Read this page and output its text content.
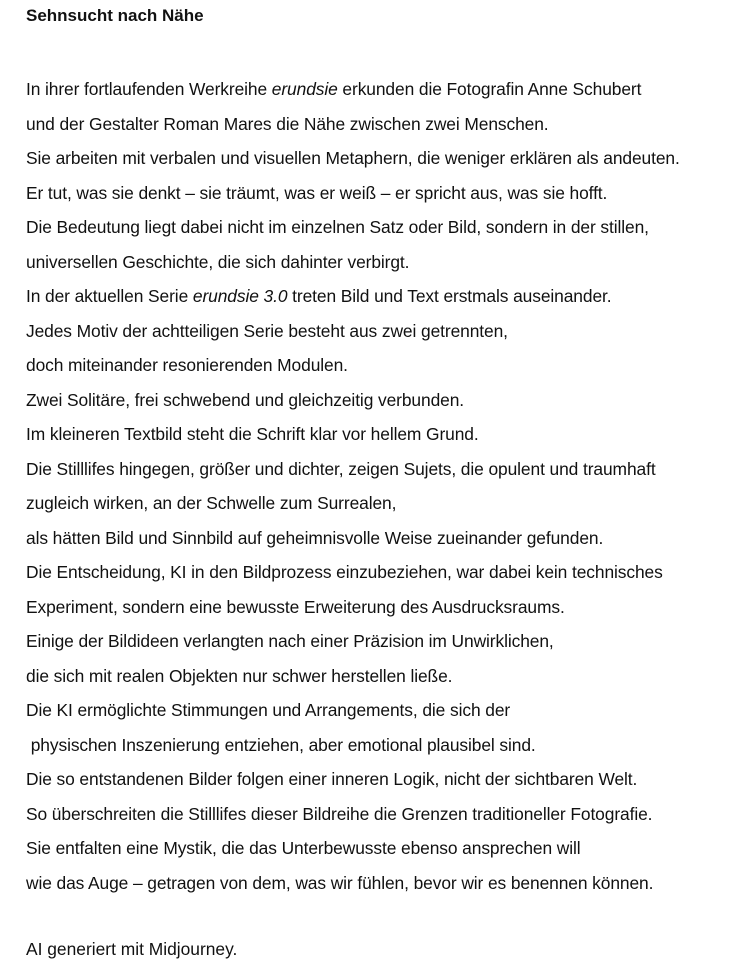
Sehnsucht nach Nähe
In ihrer fortlaufenden Werkreihe erundsie erkunden die Fotografin Anne Schubert
und der Gestalter Roman Mares die Nähe zwischen zwei Menschen.
Sie arbeiten mit verbalen und visuellen Metaphern, die weniger erklären als andeuten.
Er tut, was sie denkt – sie träumt, was er weiß – er spricht aus, was sie hofft.
Die Bedeutung liegt dabei nicht im einzelnen Satz oder Bild, sondern in der stillen,
universellen Geschichte, die sich dahinter verbirgt.
In der aktuellen Serie erundsie 3.0 treten Bild und Text erstmals auseinander.
Jedes Motiv der achtteiligen Serie besteht aus zwei getrennten,
doch miteinander resonierenden Modulen.
Zwei Solitäre, frei schwebend und gleichzeitig verbunden.
Im kleineren Textbild steht die Schrift klar vor hellem Grund.
Die Stilllifes hingegen, größer und dichter, zeigen Sujets, die opulent und traumhaft
zugleich wirken, an der Schwelle zum Surrealen,
als hätten Bild und Sinnbild auf geheimnisvolle Weise zueinander gefunden.
Die Entscheidung, KI in den Bildprozess einzubeziehen, war dabei kein technisches
Experiment, sondern eine bewusste Erweiterung des Ausdrucksraums.
Einige der Bildideen verlangten nach einer Präzision im Unwirklichen,
die sich mit realen Objekten nur schwer herstellen ließe.
Die KI ermöglichte Stimmungen und Arrangements, die sich der
physischen Inszenierung entziehen, aber emotional plausibel sind.
Die so entstandenen Bilder folgen einer inneren Logik, nicht der sichtbaren Welt.
So überschreiten die Stilllifes dieser Bildreihe die Grenzen traditioneller Fotografie.
Sie entfalten eine Mystik, die das Unterbewusste ebenso ansprechen will
wie das Auge – getragen von dem, was wir fühlen, bevor wir es benennen können.

AI generiert mit Midjourney.
